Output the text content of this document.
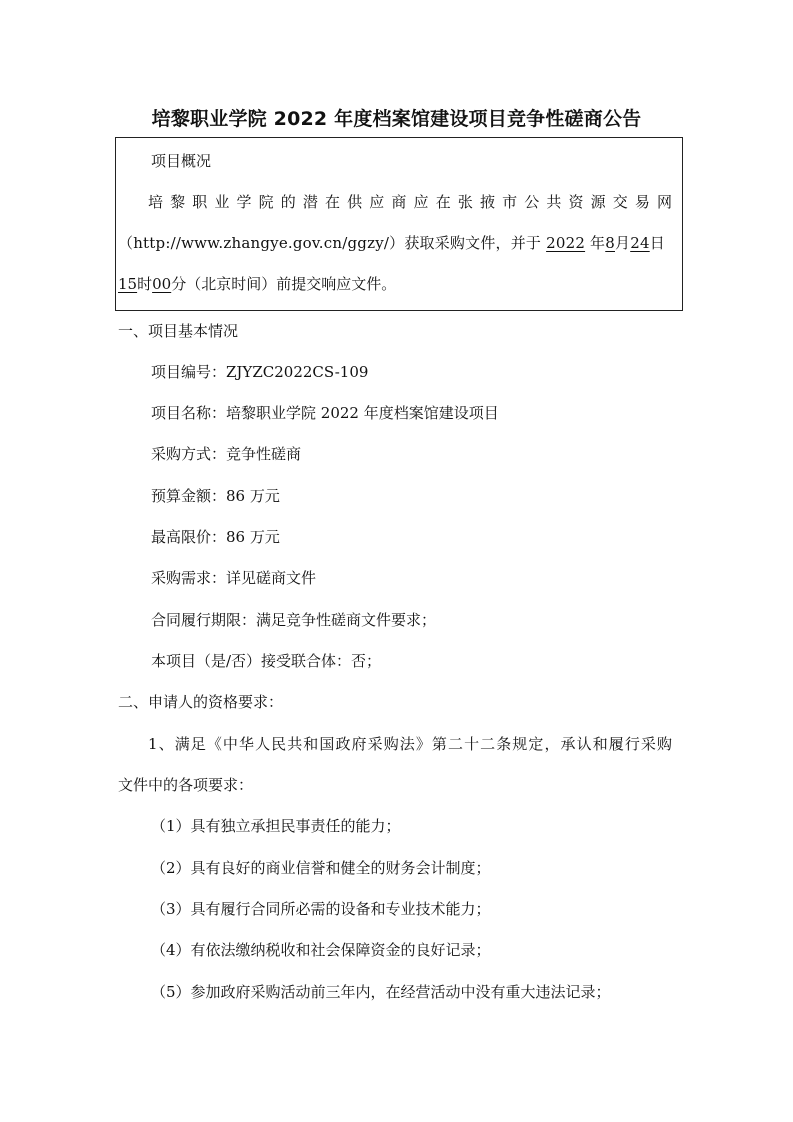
培黎职业学院 2022 年度档案馆建设项目竞争性磋商公告
项目概况
培黎职业学院的潜在供应商应在张掖市公共资源交易网
（http://www.zhangye.gov.cn/ggzy/）获取采购文件，并于 2022 年8月24日
15时00分（北京时间）前提交响应文件。
一、项目基本情况
项目编号：ZJYZC2022CS-109
项目名称：培黎职业学院 2022 年度档案馆建设项目
采购方式：竞争性磋商
预算金额：86 万元
最高限价：86 万元
采购需求：详见磋商文件
合同履行期限：满足竞争性磋商文件要求；
本项目（是/否）接受联合体：否；
二、申请人的资格要求：
1、满足《中华人民共和国政府采购法》第二十二条规定，承认和履行采购
文件中的各项要求：
（1）具有独立承担民事责任的能力；
（2）具有良好的商业信誉和健全的财务会计制度；
（3）具有履行合同所必需的设备和专业技术能力；
（4）有依法缴纳税收和社会保障资金的良好记录；
（5）参加政府采购活动前三年内，在经营活动中没有重大违法记录；
